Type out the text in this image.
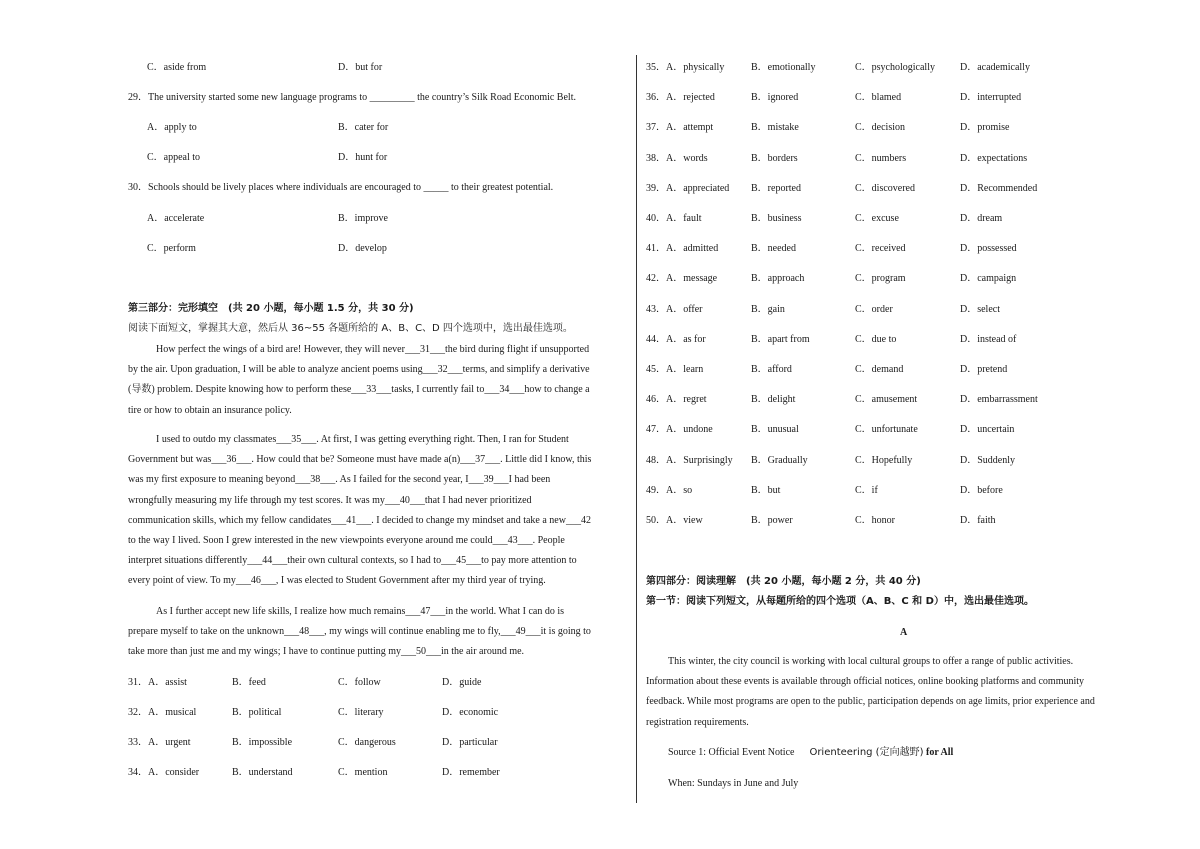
C．aside from	D．but for
29．The university started some new language programs to _________ the country’s Silk Road Economic Belt.
A．apply to	B．cater for
C．appeal to	D．hunt for
30．Schools should be lively places where individuals are encouraged to _____ to their greatest potential.
A．accelerate	B．improve
C．perform	D．develop
第三部分：完形填空　(共 20 小题，每小题 1.5 分，共 30 分)
阅读下面短文，掌握其大意，然后从 36~55 各题所给的 A、B、C、D 四个选项中，选出最佳选项。
How perfect the wings of a bird are! However, they will never___31___the bird during flight if unsupported
by the air. Upon graduation, I will be able to analyze ancient poems using___32___terms, and simplify a derivative
(导数) problem. Despite knowing how to perform these___33___tasks, I currently fail to___34___how to change a
tire or how to obtain an insurance policy.
I used to outdo my classmates___35___. At first, I was getting everything right. Then, I ran for Student
Government but was___36___. How could that be? Someone must have made a(n)___37___. Little did I know, this
was my first exposure to meaning beyond___38___. As I failed for the second year, I___39___I had been
wrongfully measuring my life through my test scores. It was my___40___that I had never prioritized
communication skills, which my fellow candidates___41___. I decided to change my mindset and take a new___42
to the way I lived. Soon I grew interested in the new viewpoints everyone around me could___43___. People
interpret situations differently___44___their own cultural contexts, so I had to___45___to pay more attention to
every point of view. To my___46___, I was elected to Student Government after my third year of trying.
As I further accept new life skills, I realize how much remains___47___in the world. What I can do is
prepare myself to take on the unknown___48___, my wings will continue enabling me to fly,___49___it is going to
take more than just me and my wings; I have to continue putting my___50___in the air around me.
31．A．assist	B．feed	C．follow	D．guide
32．A．musical	B．political	C．literary	D．economic
33．A．urgent	B．impossible	C．dangerous	D．particular
34．A．consider	B．understand	C．mention	D．remember
35．A．physically	B．emotionally	C．psychologically	D．academically
36．A．rejected	B．ignored	C．blamed	D．interrupted
37．A．attempt	B．mistake	C．decision	D．promise
38．A．words	B．borders	C．numbers	D．expectations
39．A．appreciated B．reported	C．discovered	D．Recommended
40．A．fault	B．business	C．excuse	D．dream
41．A．admitted	B．needed	C．received	D．possessed
42．A．message	B．approach	C．program	D．campaign
43．A．offer	B．gain	C．order	D．select
44．A．as for	B．apart from	C．due to	D．instead of
45．A．learn	B．afford	C．demand	D．pretend
46．A．regret	B．delight	C．amusement	D．embarrassment
47．A．undone	B．unusual	C．unfortunate	D．uncertain
48．A．Surprisingly B．Gradually	C．Hopefully	D．Suddenly
49．A．so	B．but	C．if	D．before
50．A．view	B．power	C．honor	D．faith
第四部分：阅读理解　(共 20 小题，每小题 2 分，共 40 分)
第一节：阅读下列短文，从每题所给的四个选项（A、B、C 和 D）中，选出最佳选项。
A
This winter, the city council is working with local cultural groups to offer a range of public activities.
Information about these events is available through official notices, online booking platforms and community
feedback. While most programs are open to the public, participation depends on age limits, prior experience and
registration requirements.
Source 1: Official Event Notice Orienteering (定向越野) for All
When: Sundays in June and July
